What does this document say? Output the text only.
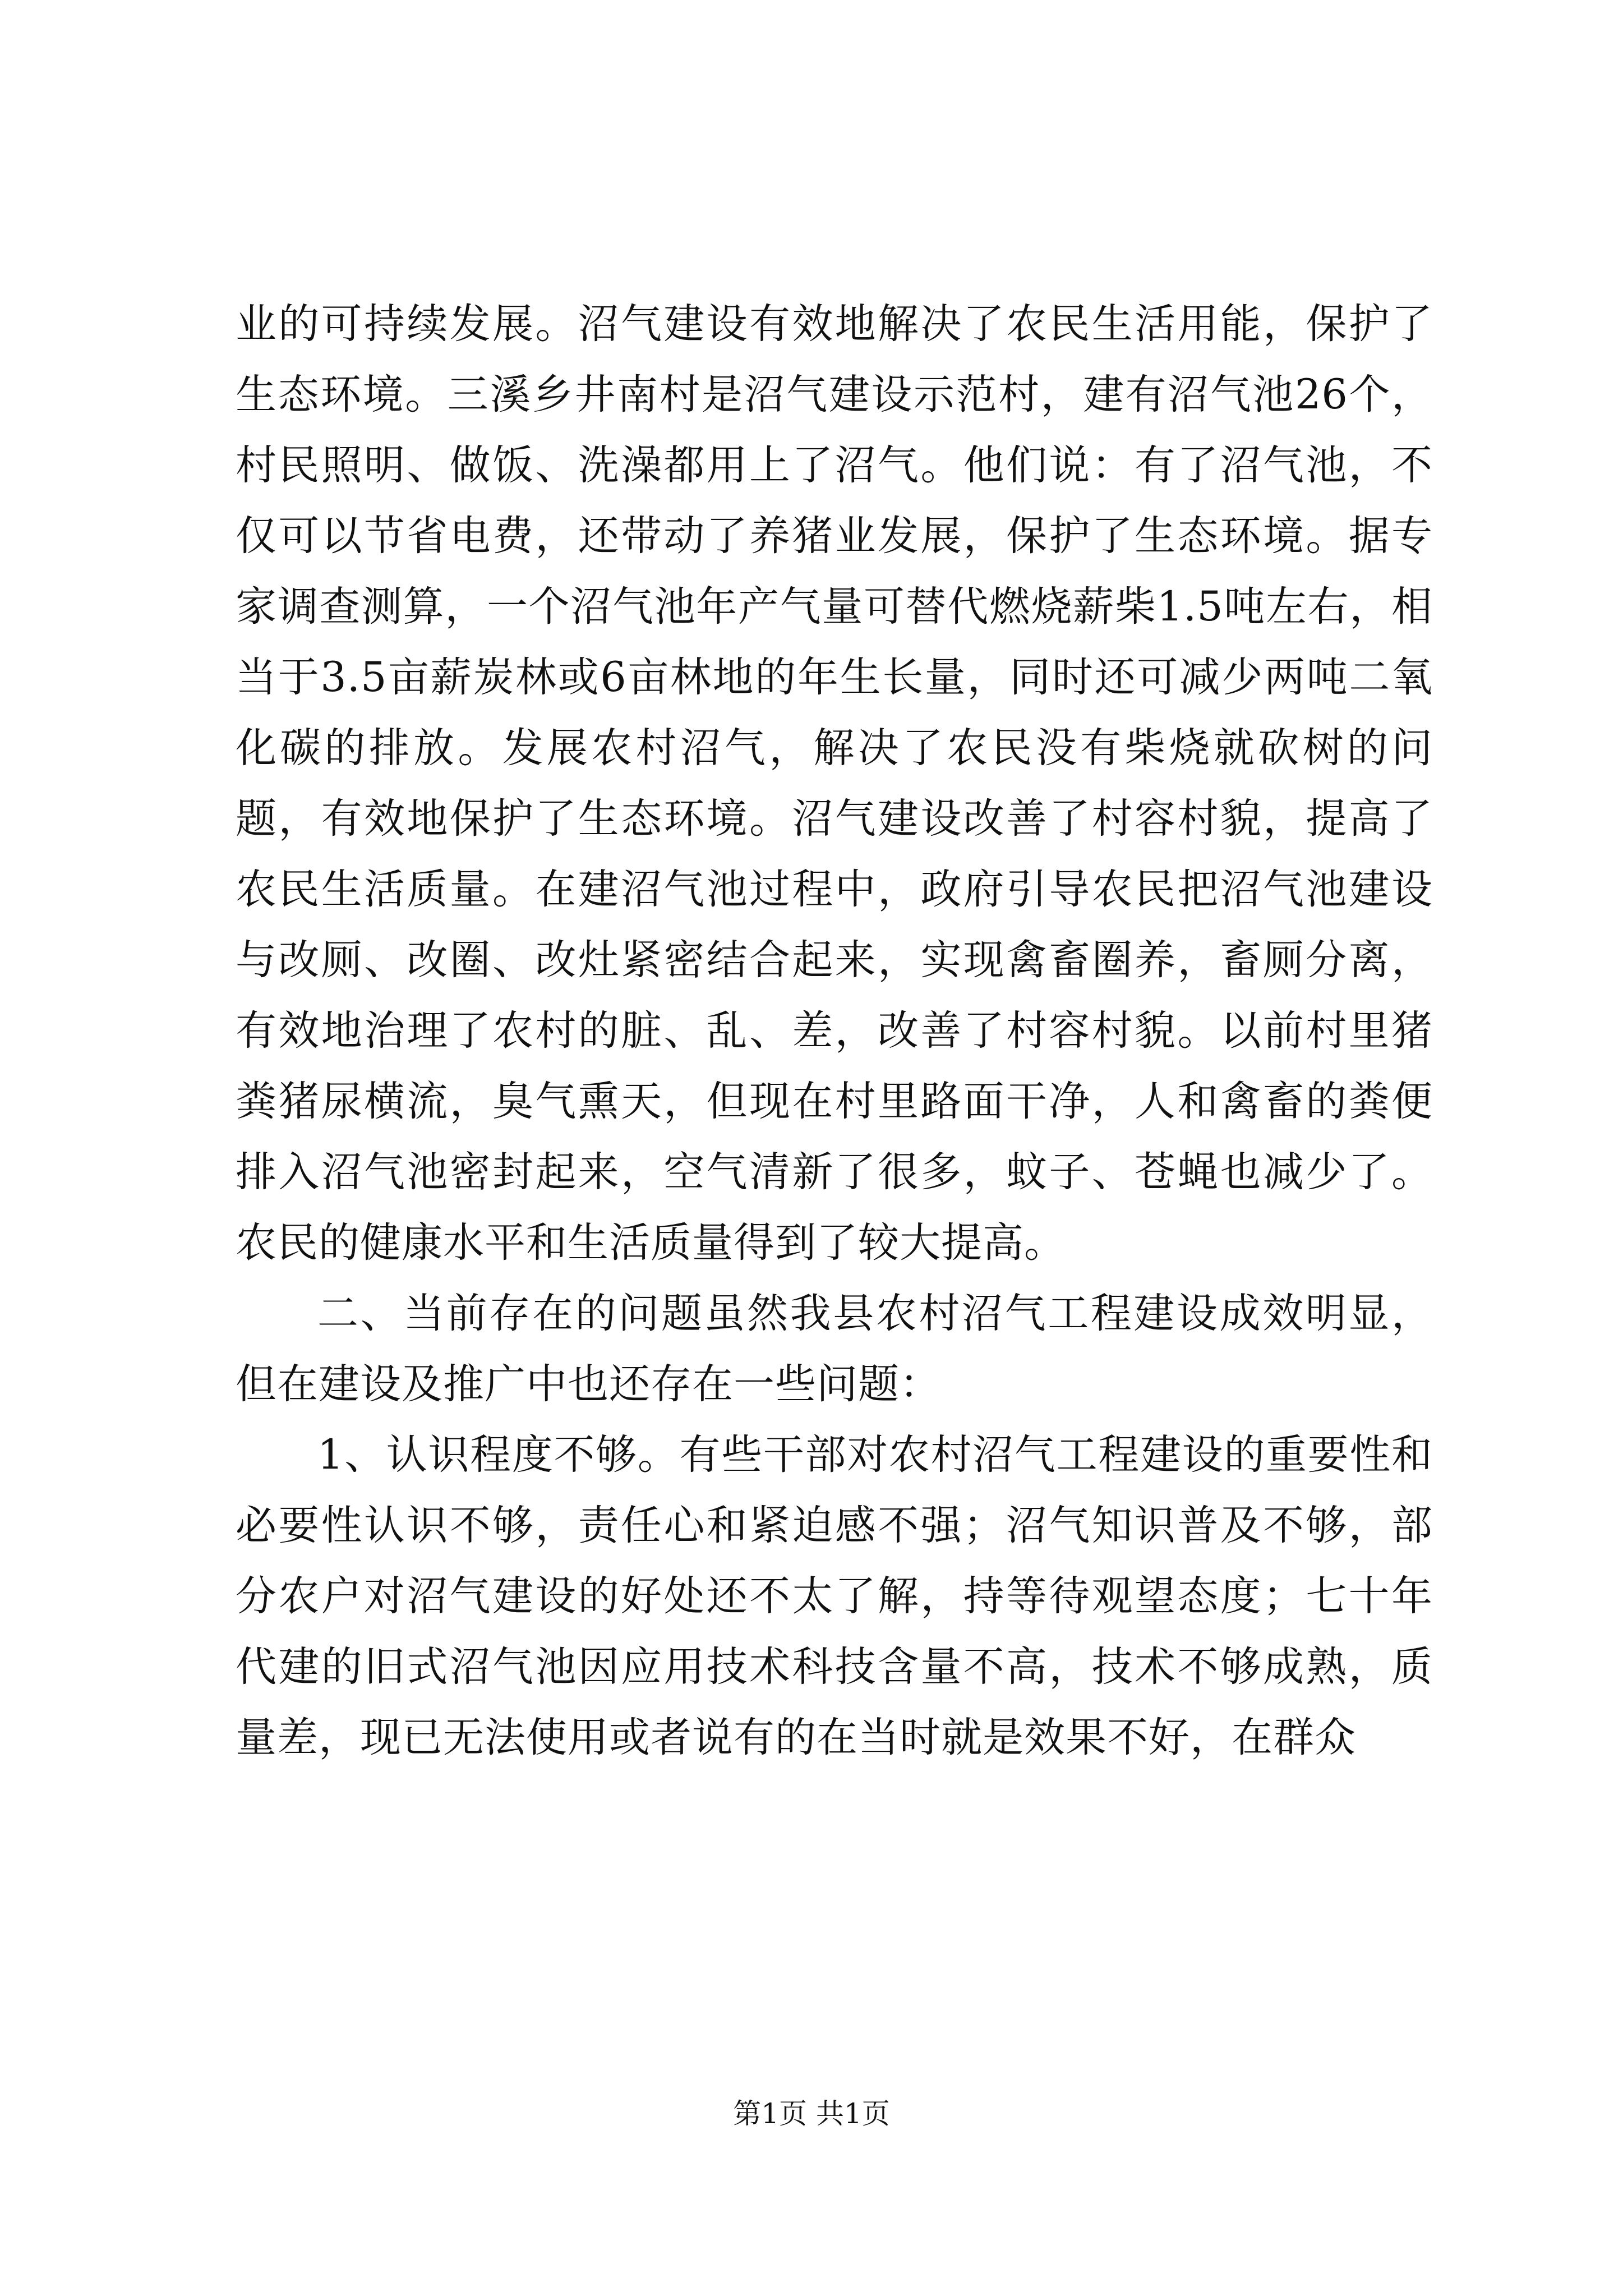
业的可持续发展。沼气建设有效地解决了农民生活用能，保护了生态环境。三溪乡井南村是沼气建设示范村，建有沼气池26个，村民照明、做饭、洗澡都用上了沼气。他们说：有了沼气池，不仅可以节省电费，还带动了养猪业发展，保护了生态环境。据专家调查测算，一个沼气池年产气量可替代燃烧薪柴1.5吨左右，相当于3.5亩薪炭林或6亩林地的年生长量，同时还可减少两吨二氧化碳的排放。发展农村沼气，解决了农民没有柴烧就砍树的问题，有效地保护了生态环境。沼气建设改善了村容村貌，提高了农民生活质量。在建沼气池过程中，政府引导农民把沼气池建设与改厕、改圈、改灶紧密结合起来，实现禽畜圈养，畜厕分离，有效地治理了农村的脏、乱、差，改善了村容村貌。以前村里猪粪猪尿横流，臭气熏天，但现在村里路面干净，人和禽畜的粪便排入沼气池密封起来，空气清新了很多，蚊子、苍蝇也减少了。农民的健康水平和生活质量得到了较大提高。

二、当前存在的问题虽然我县农村沼气工程建设成效明显，但在建设及推广中也还存在一些问题：

1、认识程度不够。有些干部对农村沼气工程建设的重要性和必要性认识不够，责任心和紧迫感不强；沼气知识普及不够，部分农户对沼气建设的好处还不太了解，持等待观望态度；七十年代建的旧式沼气池因应用技术科技含量不高，技术不够成熟，质量差，现已无法使用或者说有的在当时就是效果不好，在群众

第1页 共1页
